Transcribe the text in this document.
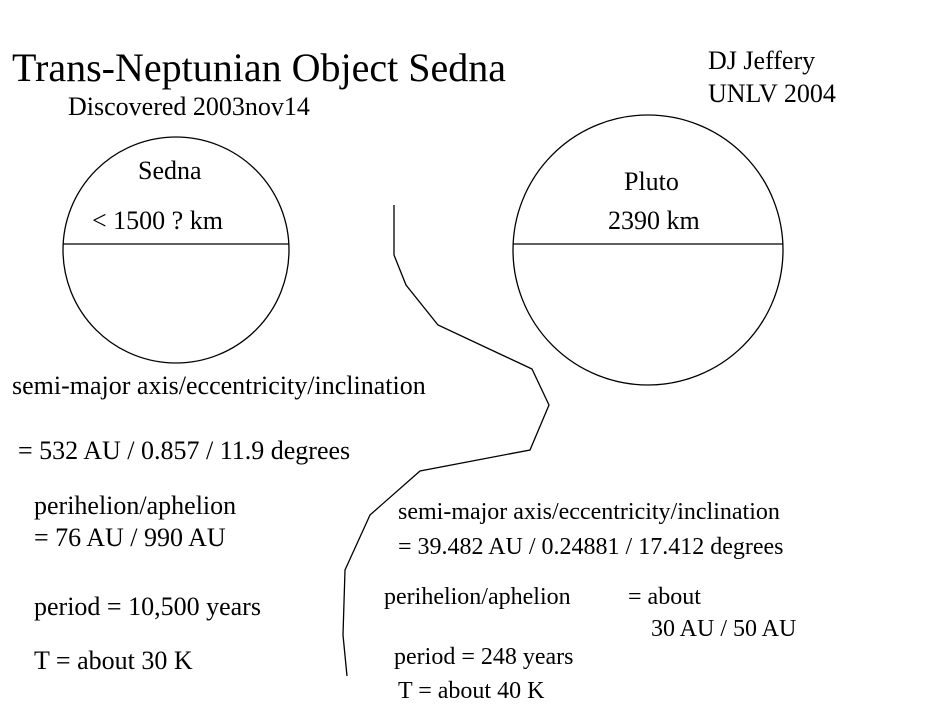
Trans-Neptunian Object Sedna
Discovered 2003nov14
DJ Jeffery
UNLV 2004
Sedna
< 1500 ? km
Pluto
2390 km
semi-major axis/eccentricity/inclination
= 532 AU / 0.857 / 11.9 degrees
perihelion/aphelion
= 76 AU / 990 AU
period = 10,500 years
T = about 30 K
semi-major axis/eccentricity/inclination
= 39.482 AU / 0.24881 / 17.412 degrees
perihelion/aphelion = about
30 AU / 50 AU
period = 248 years
T = about 40 K
